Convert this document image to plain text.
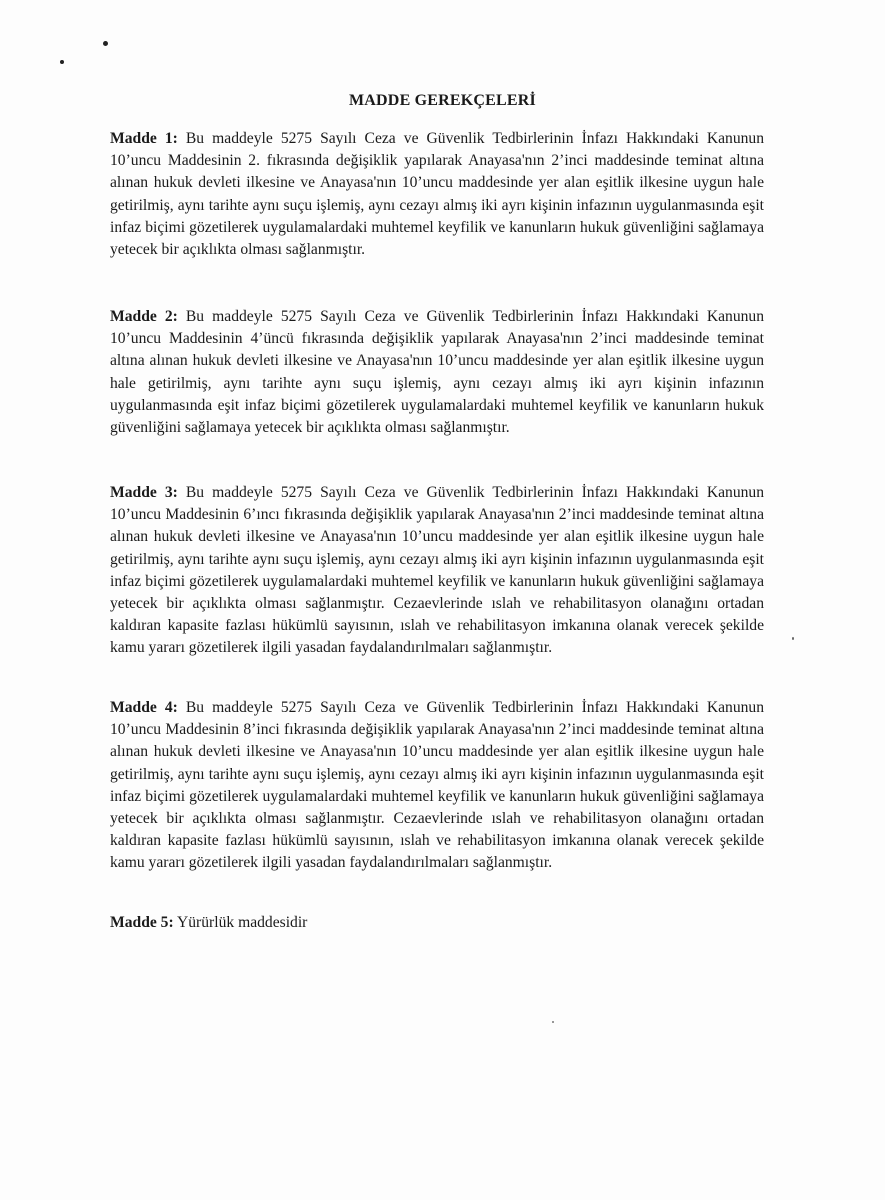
MADDE GEREKÇELERİ
Madde 1: Bu maddeyle 5275 Sayılı Ceza ve Güvenlik Tedbirlerinin İnfazı Hakkındaki Kanunun 10’uncu Maddesinin 2. fıkrasında değişiklik yapılarak Anayasa'nın 2’inci maddesinde teminat altına alınan hukuk devleti ilkesine ve Anayasa'nın 10’uncu maddesinde yer alan eşitlik ilkesine uygun hale getirilmiş, aynı tarihte aynı suçu işlemiş, aynı cezayı almış iki ayrı kişinin infazının uygulanmasında eşit infaz biçimi gözetilerek uygulamalardaki muhtemel keyfilik ve kanunların hukuk güvenliğini sağlamaya yetecek bir açıklıkta olması sağlanmıştır.
Madde 2: Bu maddeyle 5275 Sayılı Ceza ve Güvenlik Tedbirlerinin İnfazı Hakkındaki Kanunun 10’uncu Maddesinin 4’üncü fıkrasında değişiklik yapılarak Anayasa'nın 2’inci maddesinde teminat altına alınan hukuk devleti ilkesine ve Anayasa'nın 10’uncu maddesinde yer alan eşitlik ilkesine uygun hale getirilmiş, aynı tarihte aynı suçu işlemiş, aynı cezayı almış iki ayrı kişinin infazının uygulanmasında eşit infaz biçimi gözetilerek uygulamalardaki muhtemel keyfilik ve kanunların hukuk güvenliğini sağlamaya yetecek bir açıklıkta olması sağlanmıştır.
Madde 3: Bu maddeyle 5275 Sayılı Ceza ve Güvenlik Tedbirlerinin İnfazı Hakkındaki Kanunun 10’uncu Maddesinin 6’ıncı fıkrasında değişiklik yapılarak Anayasa'nın 2’inci maddesinde teminat altına alınan hukuk devleti ilkesine ve Anayasa'nın 10’uncu maddesinde yer alan eşitlik ilkesine uygun hale getirilmiş, aynı tarihte aynı suçu işlemiş, aynı cezayı almış iki ayrı kişinin infazının uygulanmasında eşit infaz biçimi gözetilerek uygulamalardaki muhtemel keyfilik ve kanunların hukuk güvenliğini sağlamaya yetecek bir açıklıkta olması sağlanmıştır. Cezaevlerinde ıslah ve rehabilitasyon olanağını ortadan kaldıran kapasite fazlası hükümlü sayısının, ıslah ve rehabilitasyon imkanına olanak verecek şekilde kamu yararı gözetilerek ilgili yasadan faydalandırılmaları sağlanmıştır.
Madde 4: Bu maddeyle 5275 Sayılı Ceza ve Güvenlik Tedbirlerinin İnfazı Hakkındaki Kanunun 10’uncu Maddesinin 8’inci fıkrasında değişiklik yapılarak Anayasa'nın 2’inci maddesinde teminat altına alınan hukuk devleti ilkesine ve Anayasa'nın 10’uncu maddesinde yer alan eşitlik ilkesine uygun hale getirilmiş, aynı tarihte aynı suçu işlemiş, aynı cezayı almış iki ayrı kişinin infazının uygulanmasında eşit infaz biçimi gözetilerek uygulamalardaki muhtemel keyfilik ve kanunların hukuk güvenliğini sağlamaya yetecek bir açıklıkta olması sağlanmıştır. Cezaevlerinde ıslah ve rehabilitasyon olanağını ortadan kaldıran kapasite fazlası hükümlü sayısının, ıslah ve rehabilitasyon imkanına olanak verecek şekilde kamu yararı gözetilerek ilgili yasadan faydalandırılmaları sağlanmıştır.
Madde 5: Yürürlük maddesidir
